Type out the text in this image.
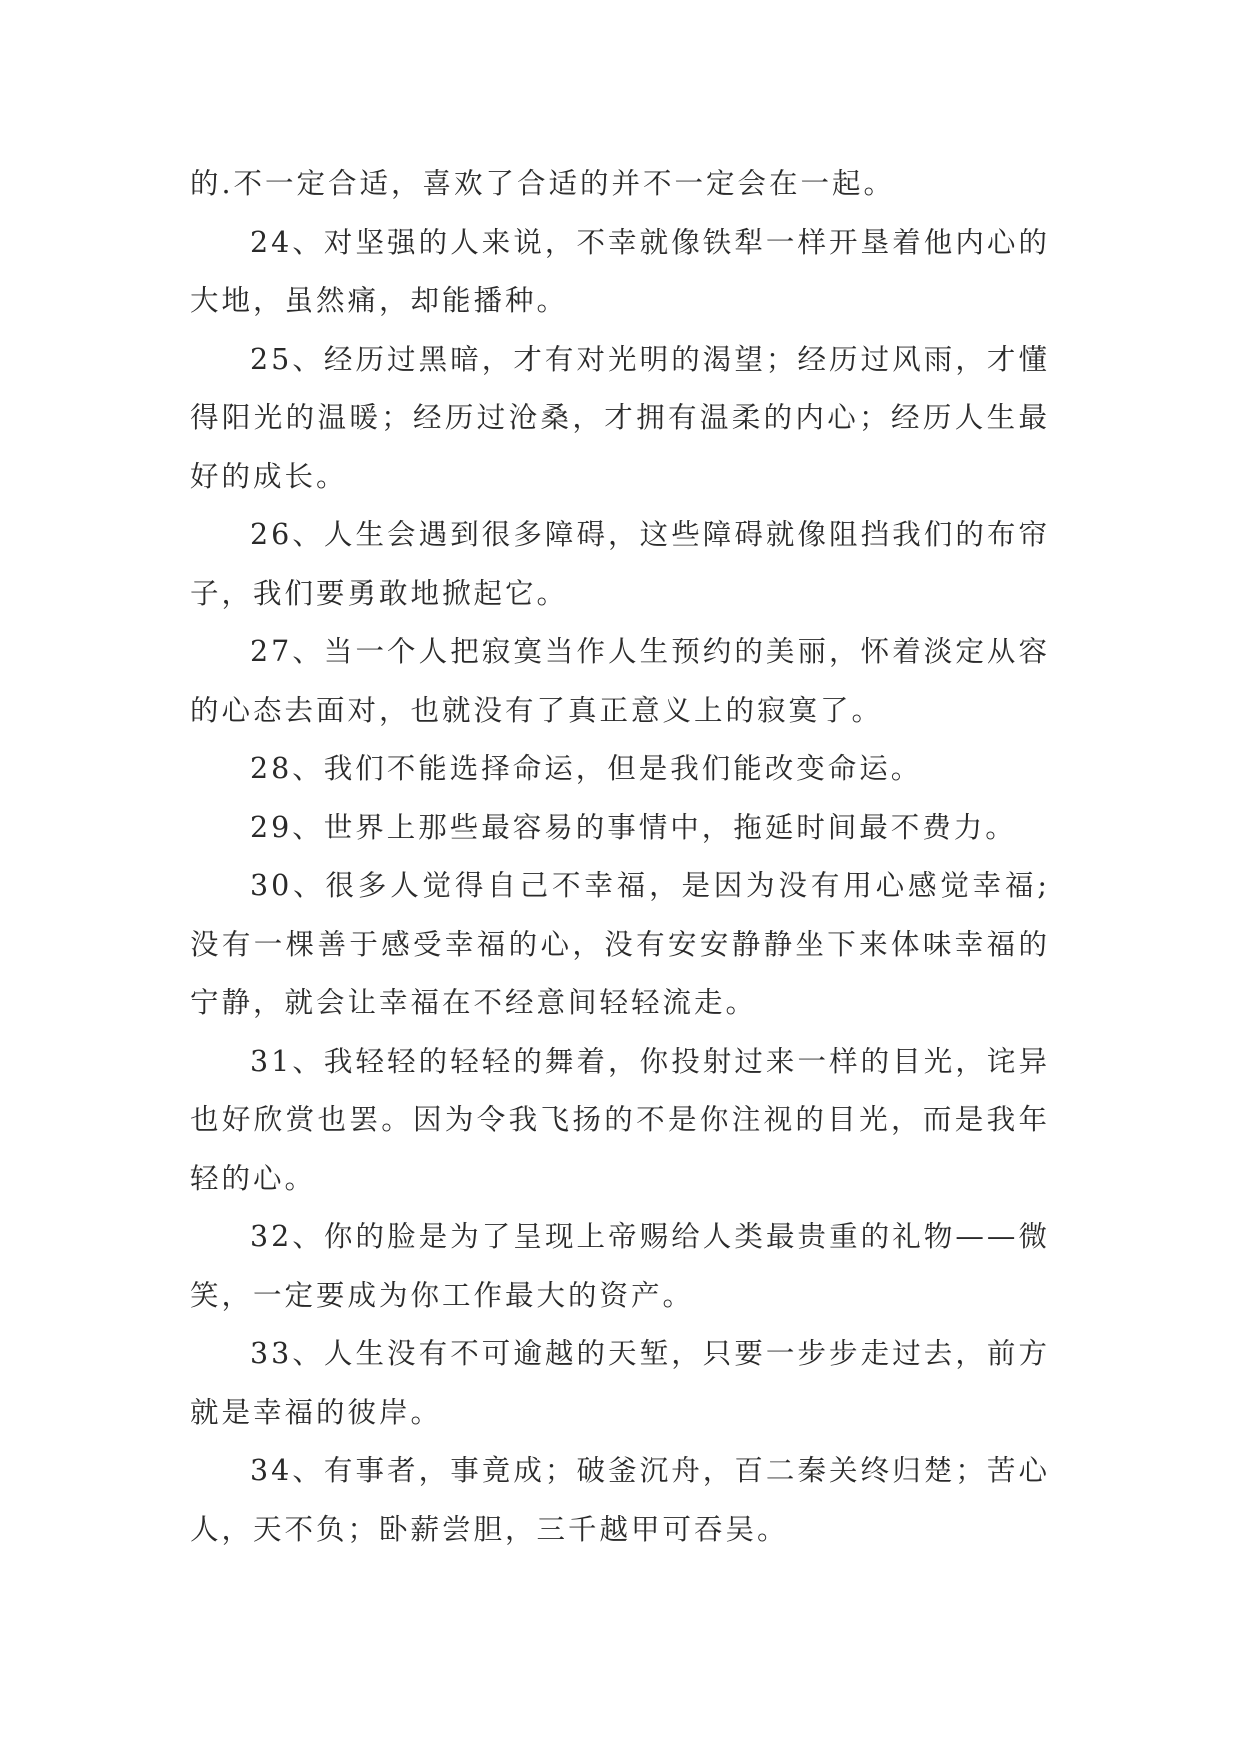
的.不一定合适，喜欢了合适的并不一定会在一起。

24、对坚强的人来说，不幸就像铁犁一样开垦着他内心的大地，虽然痛，却能播种。

25、经历过黑暗，才有对光明的渴望；经历过风雨，才懂得阳光的温暖；经历过沧桑，才拥有温柔的内心；经历人生最好的成长。

26、人生会遇到很多障碍，这些障碍就像阻挡我们的布帘子，我们要勇敢地掀起它。

27、当一个人把寂寞当作人生预约的美丽，怀着淡定从容的心态去面对，也就没有了真正意义上的寂寞了。

28、我们不能选择命运，但是我们能改变命运。

29、世界上那些最容易的事情中，拖延时间最不费力。

30、很多人觉得自己不幸福，是因为没有用心感觉幸福;没有一棵善于感受幸福的心，没有安安静静坐下来体味幸福的宁静，就会让幸福在不经意间轻轻流走。

31、我轻轻的轻轻的舞着，你投射过来一样的目光，诧异也好欣赏也罢。因为令我飞扬的不是你注视的目光，而是我年轻的心。

32、你的脸是为了呈现上帝赐给人类最贵重的礼物——微笑，一定要成为你工作最大的资产。

33、人生没有不可逾越的天堑，只要一步步走过去，前方就是幸福的彼岸。

34、有事者，事竟成；破釜沉舟，百二秦关终归楚；苦心人，天不负；卧薪尝胆，三千越甲可吞吴。
